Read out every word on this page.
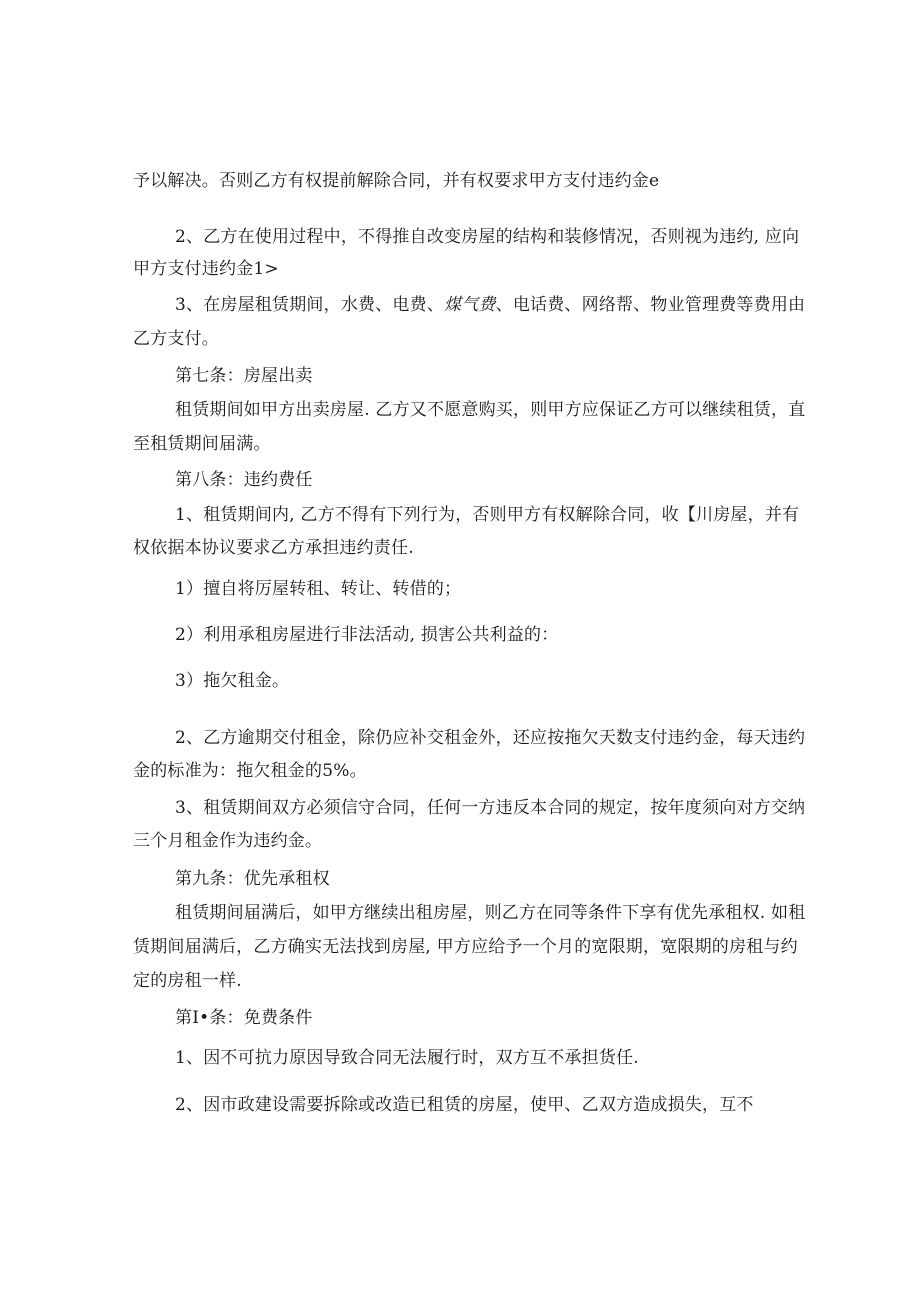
予以解决。否则乙方有权提前解除合同，并有权要求甲方支付违约金e
2、乙方在使用过程中，不得推自改变房屋的结构和装修情况，否则视为违约, 应向
甲方支付违约金1>
3、在房屋租赁期间，水费、电费、煤气费、电话费、网络帮、物业管理费等费用由
乙方支付。
第七条：房屋出卖
租赁期间如甲方出卖房屋. 乙方又不愿意购买，则甲方应保证乙方可以继续租赁，直
至租赁期间届满。
第八条：违约费任
1、租赁期间内, 乙方不得有下列行为，否则甲方有权解除合同，收【川房屋，并有
权依据本协议要求乙方承担违约责任.
1）擅自将厉屋转租、转让、转借的；
2）利用承租房屋进行非法活动, 损害公共利益的：
3）拖欠租金。
2、乙方逾期交付租金，除仍应补交租金外，还应按拖欠天数支付违约金，每天违约
金的标准为：拖欠租金的5%。
3、租赁期间双方必须信守合同，任何一方违反本合同的规定，按年度须向对方交纳
三个月租金作为违约金。
第九条：优先承租权
租赁期间届满后，如甲方继续出租房屋，则乙方在同等条件下享有优先承租权. 如租
赁期间届满后，乙方确实无法找到房屋, 甲方应给予一个月的宽限期，宽限期的房租与约
定的房租一样.
第I•条：免费条件
1、因不可抗力原因导致合同无法履行时，双方互不承担货任.
2、因市政建设需要拆除或改造已租赁的房屋，使甲、乙双方造成损失，互不
